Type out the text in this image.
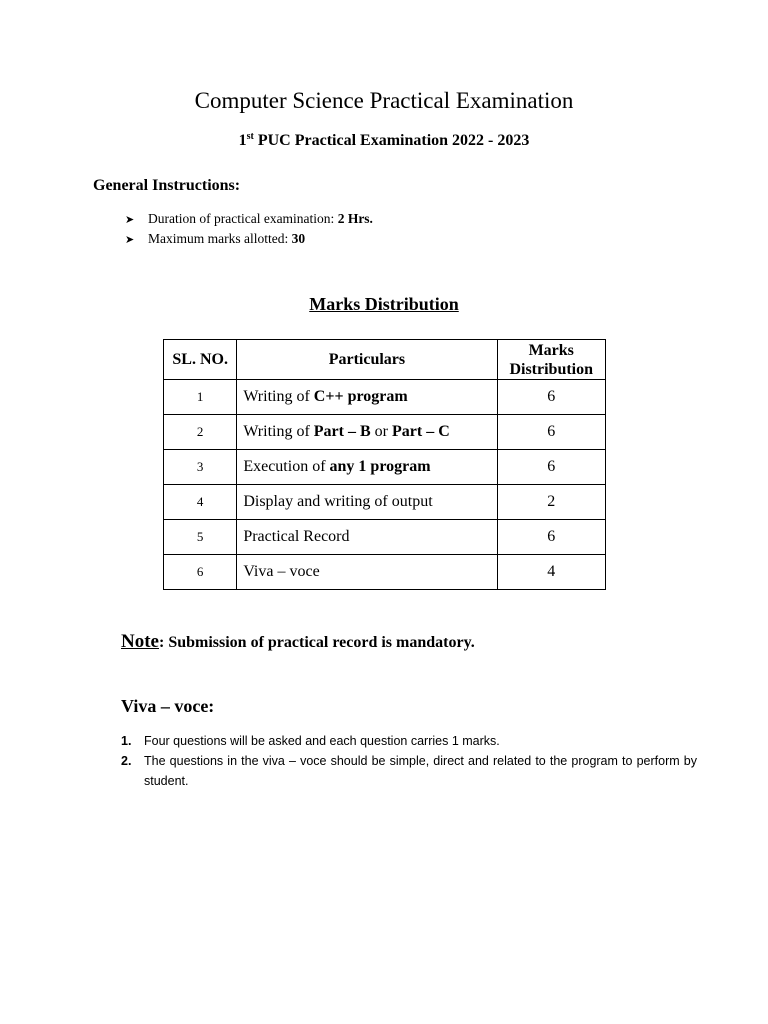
Computer Science Practical Examination
1st PUC Practical Examination 2022 - 2023
General Instructions:
➤ Duration of practical examination: 2 Hrs.
➤ Maximum marks allotted: 30
Marks Distribution
SL. NO.	Particulars	Marks Distribution
1	Writing of C++ program	6
2	Writing of Part – B or Part – C	6
3	Execution of any 1 program	6
4	Display and writing of output	2
5	Practical Record	6
6	Viva – voce	4
Note: Submission of practical record is mandatory.
Viva – voce:
1. Four questions will be asked and each question carries 1 marks.
2. The questions in the viva – voce should be simple, direct and related to the program to perform by student.
